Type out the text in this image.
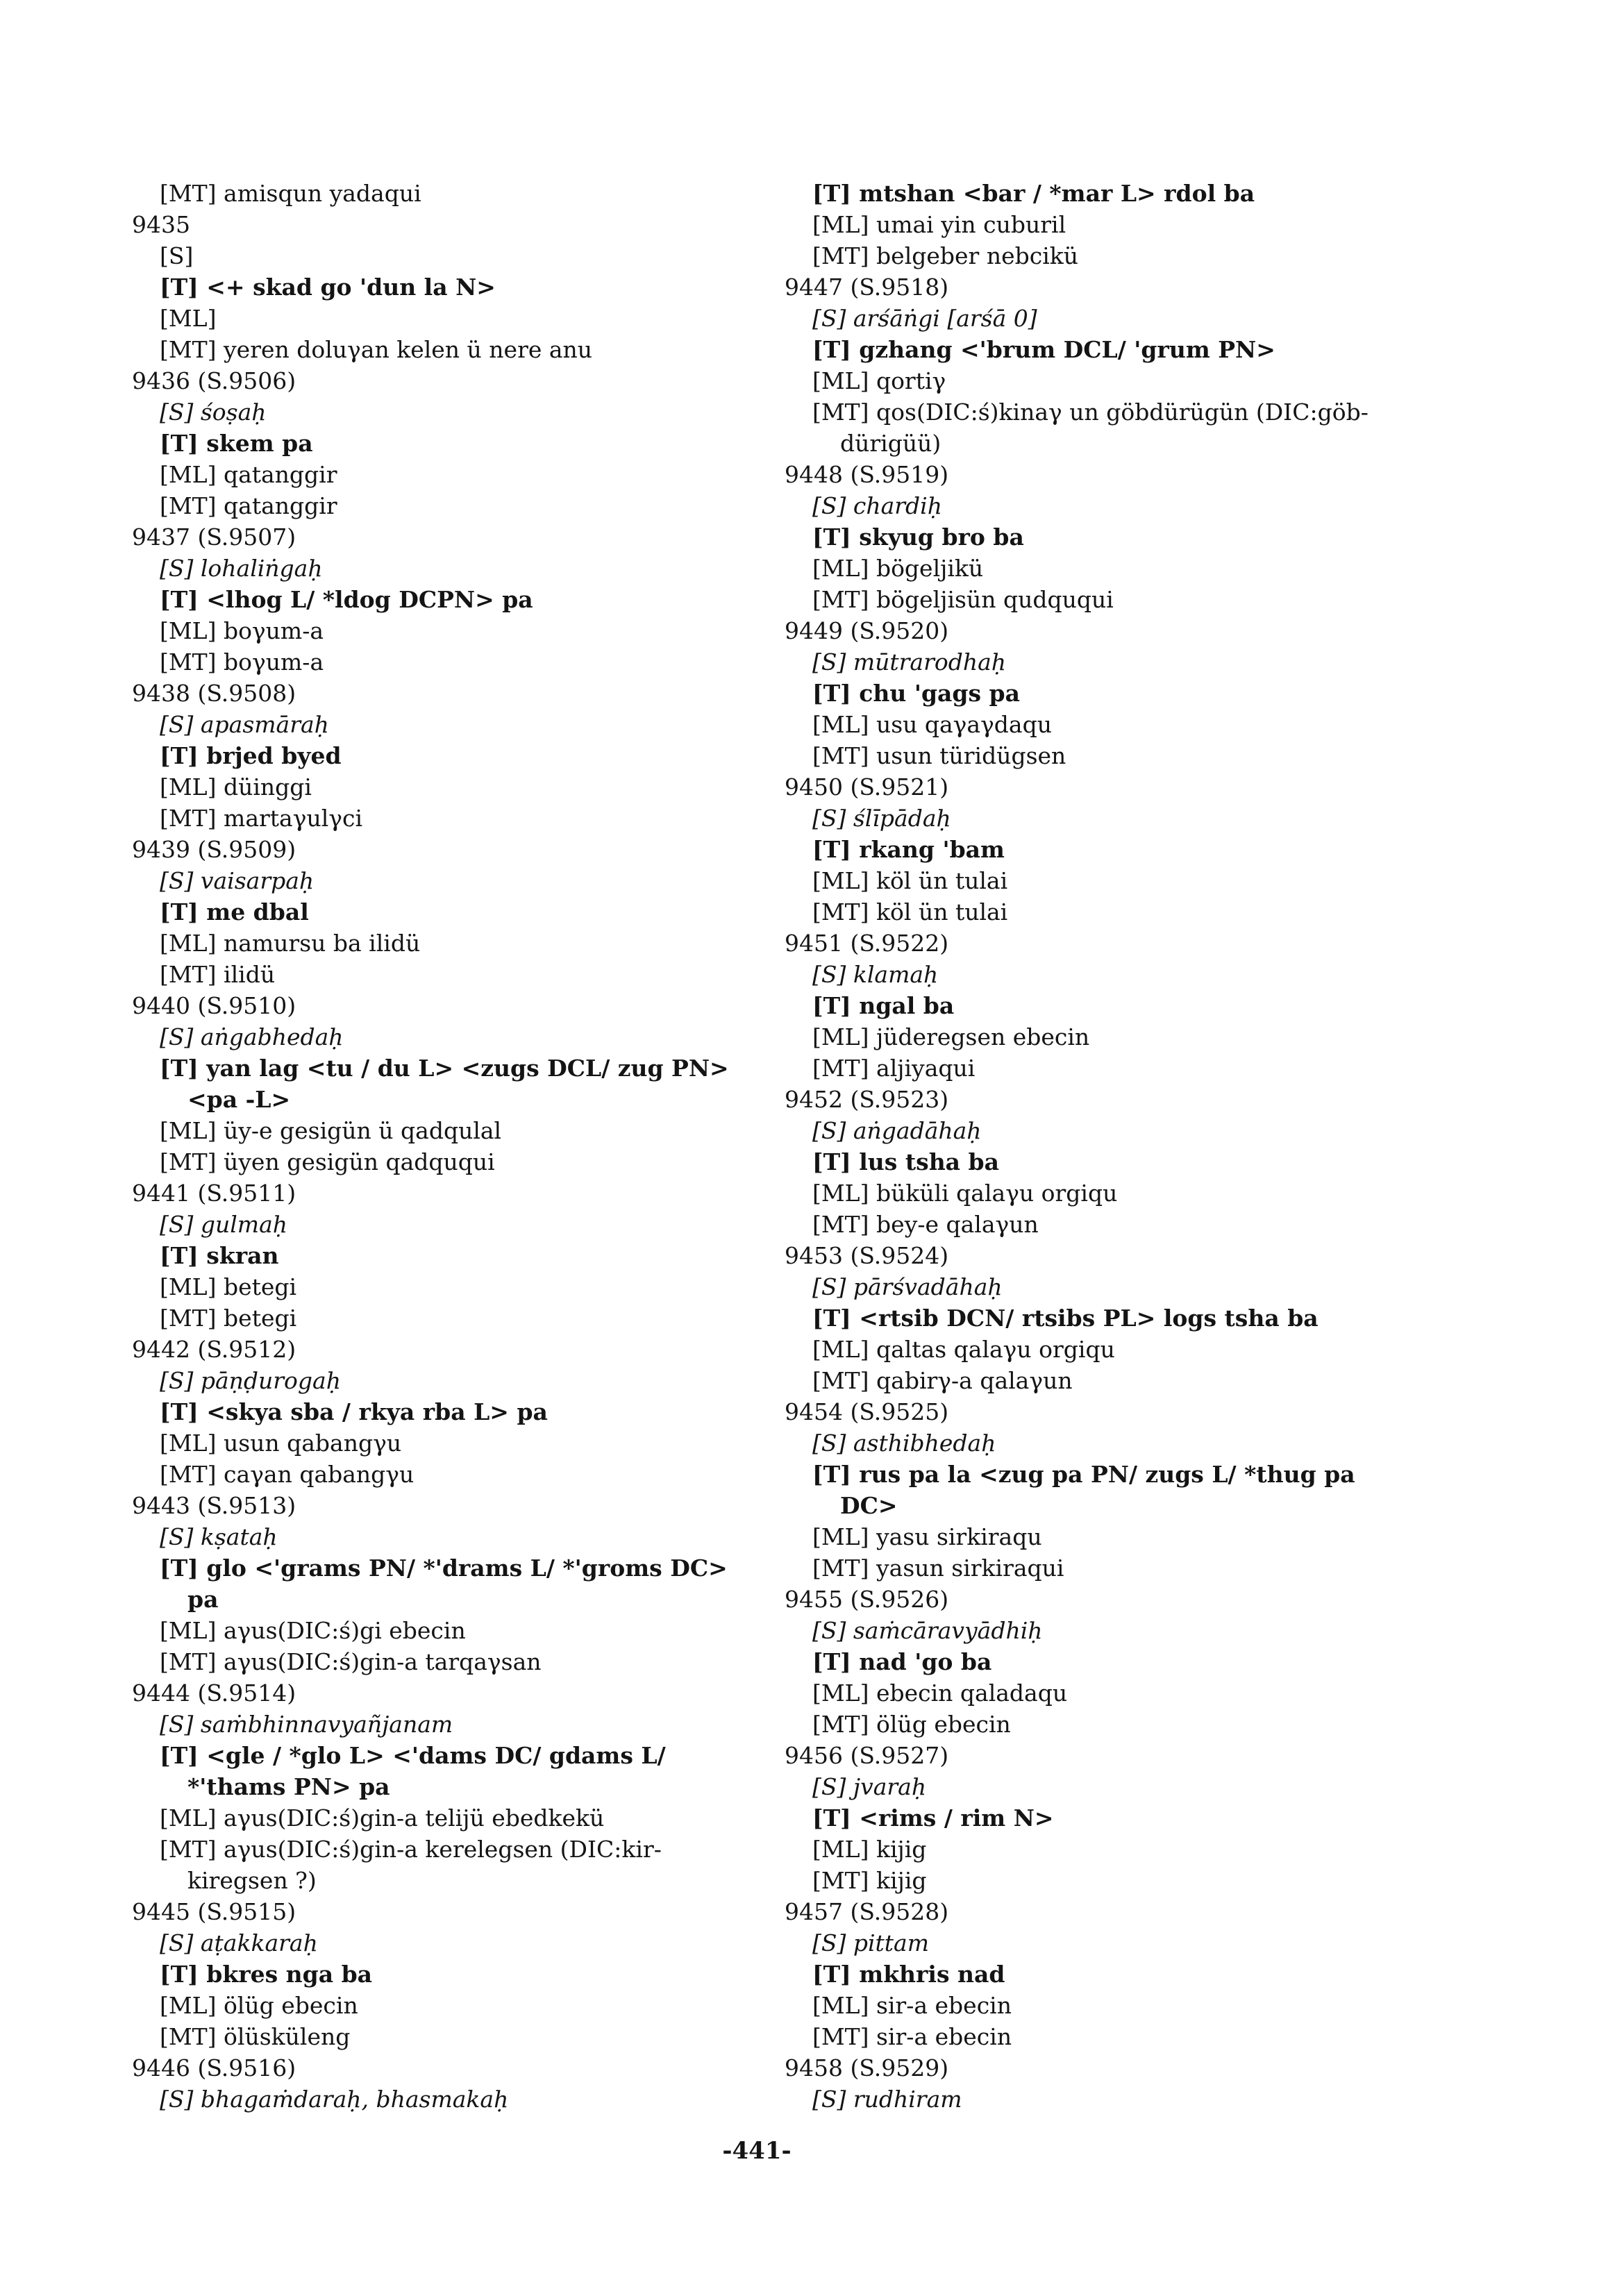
[MT] amisqun yadaqui
9435
[S]
[T] <+ skad go 'dun la N>
[ML]
[MT] yeren doluγan kelen ü nere anu
9436 (S.9506)
[S] śoṣaḥ
[T] skem pa
[ML] qatanggir
[MT] qatanggir
9437 (S.9507)
[S] lohaliṅgaḥ
[T] <lhog L/ *ldog DCPN> pa
[ML] boγum-a
[MT] boγum-a
9438 (S.9508)
[S] apasmāraḥ
[T] brjed byed
[ML] düinggi
[MT] martaγulγci
9439 (S.9509)
[S] vaisarpaḥ
[T] me dbal
[ML] namursu ba ilidü
[MT] ilidü
9440 (S.9510)
[S] aṅgabhedaḥ
[T] yan lag <tu / du L> <zugs DCL/ zug PN>
<pa -L>
[ML] üy-e gesigün ü qadqulal
[MT] üyen gesigün qadququi
9441 (S.9511)
[S] gulmaḥ
[T] skran
[ML] betegi
[MT] betegi
9442 (S.9512)
[S] pāṇḍurogaḥ
[T] <skya sba / rkya rba L> pa
[ML] usun qabangγu
[MT] caγan qabangγu
9443 (S.9513)
[S] kṣataḥ
[T] glo <'grams PN/ *'drams L/ *'groms DC>
pa
[ML] aγus(DIC:ś)gi ebecin
[MT] aγus(DIC:ś)gin-a tarqaγsan
9444 (S.9514)
[S] saṁbhinnavyañjanam
[T] <gle / *glo L> <'dams DC/ gdams L/
*'thams PN> pa
[ML] aγus(DIC:ś)gin-a telijü ebedkekü
[MT] aγus(DIC:ś)gin-a kerelegsen (DIC:kir-
kiregsen ?)
9445 (S.9515)
[S] aṭakkaraḥ
[T] bkres nga ba
[ML] ölüg ebecin
[MT] ölüsküleng
9446 (S.9516)
[S] bhagaṁdaraḥ, bhasmakaḥ
[T] mtshan <bar / *mar L> rdol ba
[ML] umai yin cuburil
[MT] belgeber nebcikü
9447 (S.9518)
[S] arśāṅgi [arśā 0]
[T] gzhang <'brum DCL/ 'grum PN>
[ML] qortiγ
[MT] qos(DIC:ś)kinaγ un göbdürügün (DIC:göb-
dürigüü)
9448 (S.9519)
[S] chardiḥ
[T] skyug bro ba
[ML] bögeljikü
[MT] bögeljisün qudququi
9449 (S.9520)
[S] mūtrarodhaḥ
[T] chu 'gags pa
[ML] usu qaγaγdaqu
[MT] usun türidügsen
9450 (S.9521)
[S] ślīpādaḥ
[T] rkang 'bam
[ML] köl ün tulai
[MT] köl ün tulai
9451 (S.9522)
[S] klamaḥ
[T] ngal ba
[ML] jüderegsen ebecin
[MT] aljiyaqui
9452 (S.9523)
[S] aṅgadāhaḥ
[T] lus tsha ba
[ML] büküli qalaγu orgiqu
[MT] bey-e qalaγun
9453 (S.9524)
[S] pārśvadāhaḥ
[T] <rtsib DCN/ rtsibs PL> logs tsha ba
[ML] qaltas qalaγu orgiqu
[MT] qabirγ-a qalaγun
9454 (S.9525)
[S] asthibhedaḥ
[T] rus pa la <zug pa PN/ zugs L/ *thug pa
DC>
[ML] yasu sirkiraqu
[MT] yasun sirkiraqui
9455 (S.9526)
[S] saṁcāravyādhiḥ
[T] nad 'go ba
[ML] ebecin qaladaqu
[MT] ölüg ebecin
9456 (S.9527)
[S] jvaraḥ
[T] <rims / rim N>
[ML] kijig
[MT] kijig
9457 (S.9528)
[S] pittam
[T] mkhris nad
[ML] sir-a ebecin
[MT] sir-a ebecin
9458 (S.9529)
[S] rudhiram
-441-
